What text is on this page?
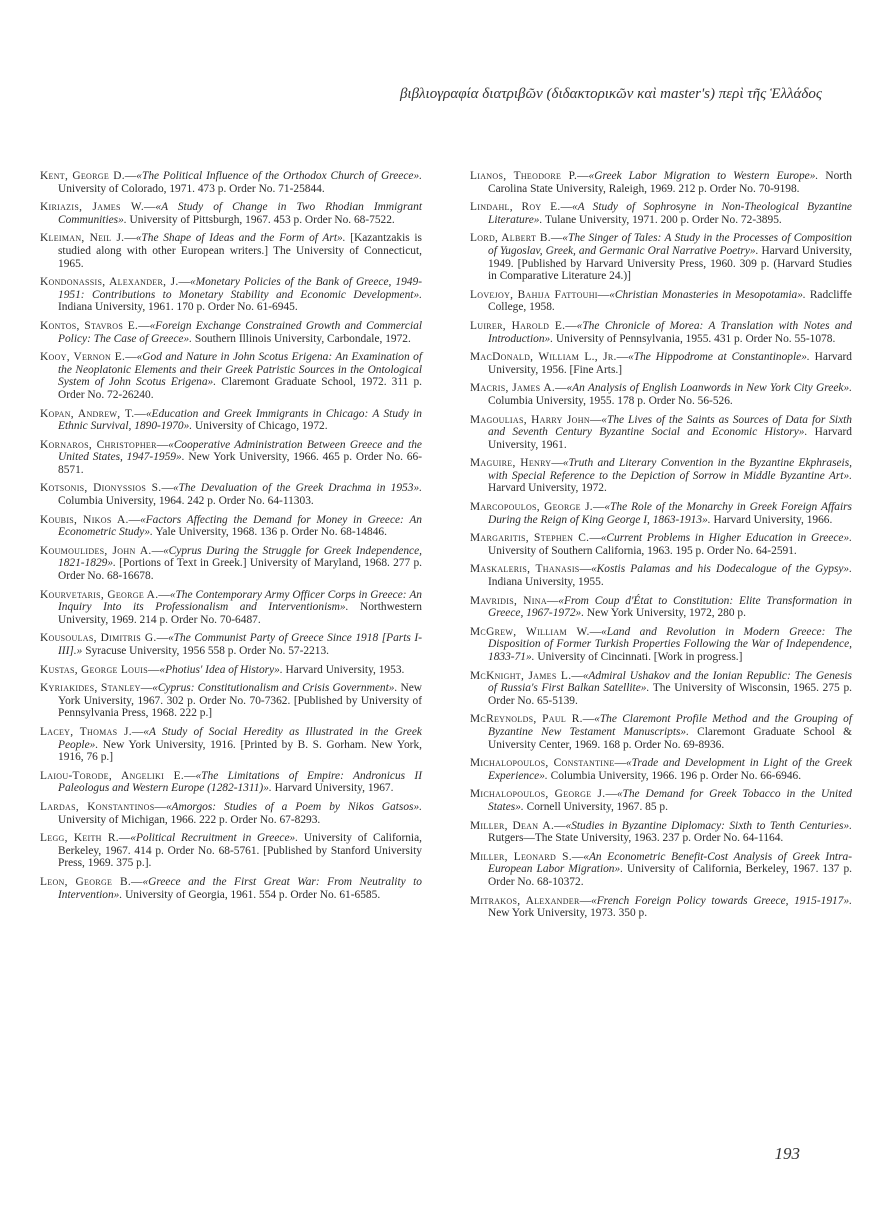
βιβλιογραφία διατριβῶν (διδακτορικῶν καὶ master's) περὶ τῆς Ἑλλάδος

Kent, George D.—«The Political Influence of the Orthodox Church of Greece». University of Colorado, 1971. 473 p. Order No. 71-25844.

Kiriazis, James W.—«A Study of Change in Two Rhodian Immigrant Communities». University of Pittsburgh, 1967. 453 p. Order No. 68-7522.

Kleiman, Neil J.—«The Shape of Ideas and the Form of Art». [Kazantzakis is studied along with other European writers.] The University of Connecticut, 1965.

Kondonassis, Alexander, J.—«Monetary Policies of the Bank of Greece, 1949-1951: Contributions to Monetary Stability and Economic Development». Indiana University, 1961. 170 p. Order No. 61-6945.

Kontos, Stavros E.—«Foreign Exchange Constrained Growth and Commercial Policy: The Case of Greece». Southern Illinois University, Carbondale, 1972.

Kooy, Vernon E.—«God and Nature in John Scotus Erigena: An Examination of the Neoplatonic Elements and their Greek Patristic Sources in the Ontological System of John Scotus Erigena». Claremont Graduate School, 1972. 311 p. Order No. 72-26240.

Kopan, Andrew, T.—«Education and Greek Immigrants in Chicago: A Study in Ethnic Survival, 1890-1970». University of Chicago, 1972.

Kornaros, Christopher—«Cooperative Administration Between Greece and the United States, 1947-1959». New York University, 1966. 465 p. Order No. 66-8571.

Kotsonis, Dionyssios S.—«The Devaluation of the Greek Drachma in 1953». Columbia University, 1964. 242 p. Order No. 64-11303.

Koubis, Nikos A.—«Factors Affecting the Demand for Money in Greece: An Econometric Study». Yale University, 1968. 136 p. Order No. 68-14846.

Koumoulides, John A.—«Cyprus During the Struggle for Greek Independence, 1821-1829». [Portions of Text in Greek.] University of Maryland, 1968. 277 p. Order No. 68-16678.

Kourvetaris, George A.—«The Contemporary Army Officer Corps in Greece: An Inquiry Into its Professionalism and Interventionism». Northwestern University, 1969. 214 p. Order No. 70-6487.

Kousoulas, Dimitris G.—«The Communist Party of Greece Since 1918 [Parts I-III].» Syracuse University, 1956 558 p. Order No. 57-2213.

Kustas, George Louis—«Photius' Idea of History». Harvard University, 1953.

Kyriakides, Stanley—«Cyprus: Constitutionalism and Crisis Government». New York University, 1967. 302 p. Order No. 70-7362. [Published by University of Pennsylvania Press, 1968. 222 p.]

Lacey, Thomas J.—«A Study of Social Heredity as Illustrated in the Greek People». New York University, 1916. [Printed by B. S. Gorham. New York, 1916, 76 p.]

Laiou-Torode, Angeliki E.—«The Limitations of Empire: Andronicus II Paleologus and Western Europe (1282-1311)». Harvard University, 1967.

Lardas, Konstantinos—«Amorgos: Studies of a Poem by Nikos Gatsos». University of Michigan, 1966. 222 p. Order No. 67-8293.

Legg, Keith R.—«Political Recruitment in Greece». University of California, Berkeley, 1967. 414 p. Order No. 68-5761. [Published by Stanford University Press, 1969. 375 p.].

Leon, George B.—«Greece and the First Great War: From Neutrality to Intervention». University of Georgia, 1961. 554 p. Order No. 61-6585.

Lianos, Theodore P.—«Greek Labor Migration to Western Europe». North Carolina State University, Raleigh, 1969. 212 p. Order No. 70-9198.

Lindahl, Roy E.—«A Study of Sophrosyne in Non-Theological Byzantine Literature». Tulane University, 1971. 200 p. Order No. 72-3895.

Lord, Albert B.—«The Singer of Tales: A Study in the Processes of Composition of Yugoslav, Greek, and Germanic Oral Narrative Poetry». Harvard University, 1949. [Published by Harvard University Press, 1960. 309 p. (Harvard Studies in Comparative Literature 24.)]

Lovejoy, Bahija Fattouhi—«Christian Monasteries in Mesopotamia». Radcliffe College, 1958.

Luirer, Harold E.—«The Chronicle of Morea: A Translation with Notes and Introduction». University of Pennsylvania, 1955. 431 p. Order No. 55-1078.

MacDonald, William L., Jr.—«The Hippodrome at Constantinople». Harvard University, 1956. [Fine Arts.]

Macris, James A.—«An Analysis of English Loanwords in New York City Greek». Columbia University, 1955. 178 p. Order No. 56-526.

Magoulias, Harry John—«The Lives of the Saints as Sources of Data for Sixth and Seventh Century Byzantine Social and Economic History». Harvard University, 1961.

Maguire, Henry—«Truth and Literary Convention in the Byzantine Ekphraseis, with Special Reference to the Depiction of Sorrow in Middle Byzantine Art». Harvard University, 1972.

Marcopoulos, George J.—«The Role of the Monarchy in Greek Foreign Affairs During the Reign of King George I, 1863-1913». Harvard University, 1966.

Margaritis, Stephen C.—«Current Problems in Higher Education in Greece». University of Southern California, 1963. 195 p. Order No. 64-2591.

Maskaleris, Thanasis—«Kostis Palamas and his Dodecalogue of the Gypsy». Indiana University, 1955.

Mavridis, Nina—«From Coup d'État to Constitution: Elite Transformation in Greece, 1967-1972». New York University, 1972, 280 p.

McGrew, William W.—«Land and Revolution in Modern Greece: The Disposition of Former Turkish Properties Following the War of Independence, 1833-71». University of Cincinnati. [Work in progress.]

McKnight, James L.—«Admiral Ushakov and the Ionian Republic: The Genesis of Russia's First Balkan Satellite». The University of Wisconsin, 1965. 275 p. Order No. 65-5139.

McReynolds, Paul R.—«The Claremont Profile Method and the Grouping of Byzantine New Testament Manuscripts». Claremont Graduate School & University Center, 1969. 168 p. Order No. 69-8936.

Michalopoulos, Constantine—«Trade and Development in Light of the Greek Experience». Columbia University, 1966. 196 p. Order No. 66-6946.

Michalopoulos, George J.—«The Demand for Greek Tobacco in the United States». Cornell University, 1967. 85 p.

Miller, Dean A.—«Studies in Byzantine Diplomacy: Sixth to Tenth Centuries». Rutgers—The State University, 1963. 237 p. Order No. 64-1164.

Miller, Leonard S.—«An Econometric Benefit-Cost Analysis of Greek Intra-European Labor Migration». University of California, Berkeley, 1967. 137 p. Order No. 68-10372.

Mitrakos, Alexander—«French Foreign Policy towards Greece, 1915-1917». New York University, 1973. 350 p.

193
